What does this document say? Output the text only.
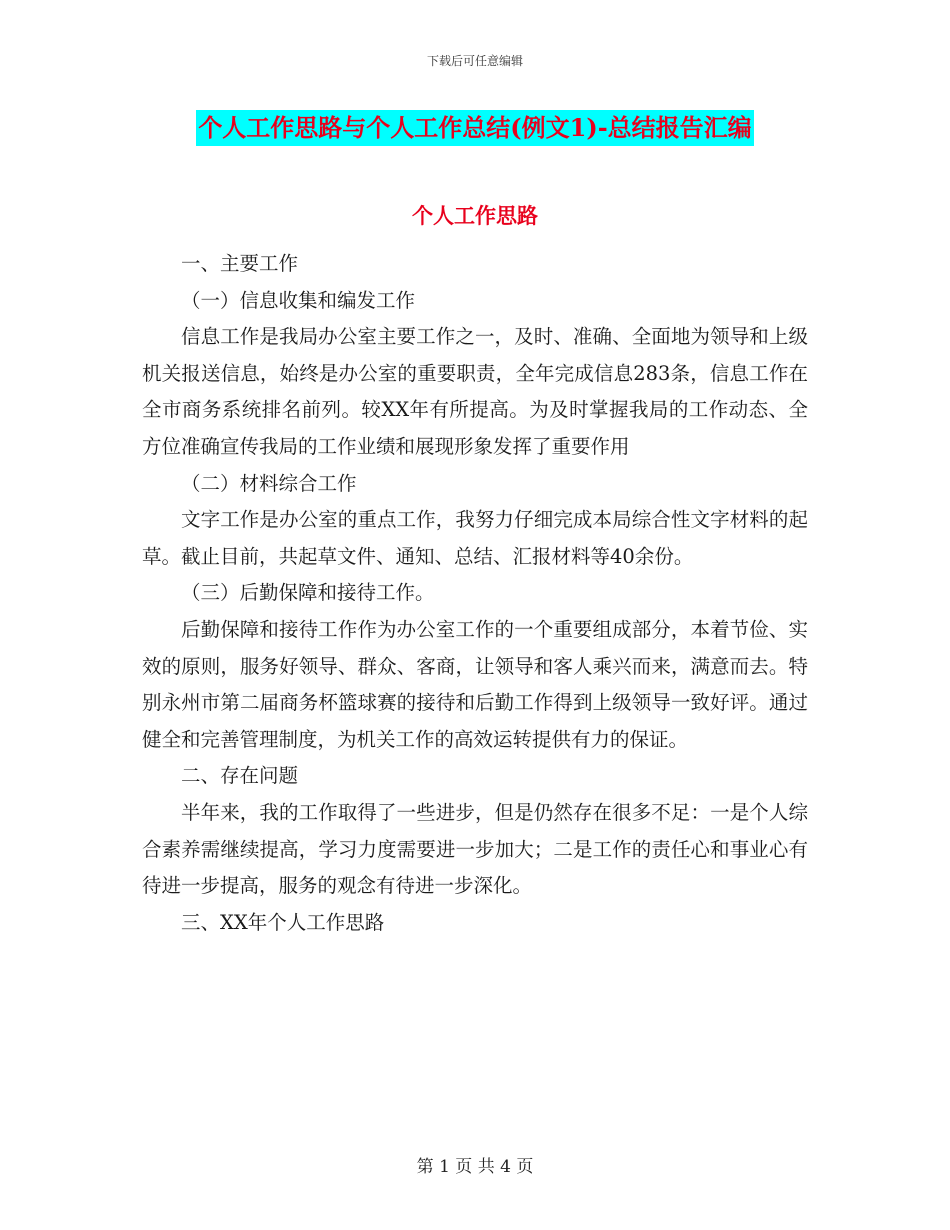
下载后可任意编辑
个人工作思路与个人工作总结(例文1)-总结报告汇编
个人工作思路

一、主要工作

（一）信息收集和编发工作

信息工作是我局办公室主要工作之一，及时、准确、全面地为领导和上级机关报送信息，始终是办公室的重要职责，全年完成信息283条，信息工作在全市商务系统排名前列。较XX年有所提高。为及时掌握我局的工作动态、全方位准确宣传我局的工作业绩和展现形象发挥了重要作用

（二）材料综合工作

文字工作是办公室的重点工作，我努力仔细完成本局综合性文字材料的起草。截止目前，共起草文件、通知、总结、汇报材料等40余份。

（三）后勤保障和接待工作。

后勤保障和接待工作作为办公室工作的一个重要组成部分，本着节俭、实效的原则，服务好领导、群众、客商，让领导和客人乘兴而来，满意而去。特别永州市第二届商务杯篮球赛的接待和后勤工作得到上级领导一致好评。通过健全和完善管理制度，为机关工作的高效运转提供有力的保证。

二、存在问题

半年来，我的工作取得了一些进步，但是仍然存在很多不足：一是个人综合素养需继续提高，学习力度需要进一步加大；二是工作的责任心和事业心有待进一步提高，服务的观念有待进一步深化。

三、XX年个人工作思路

第 1 页 共 4 页
